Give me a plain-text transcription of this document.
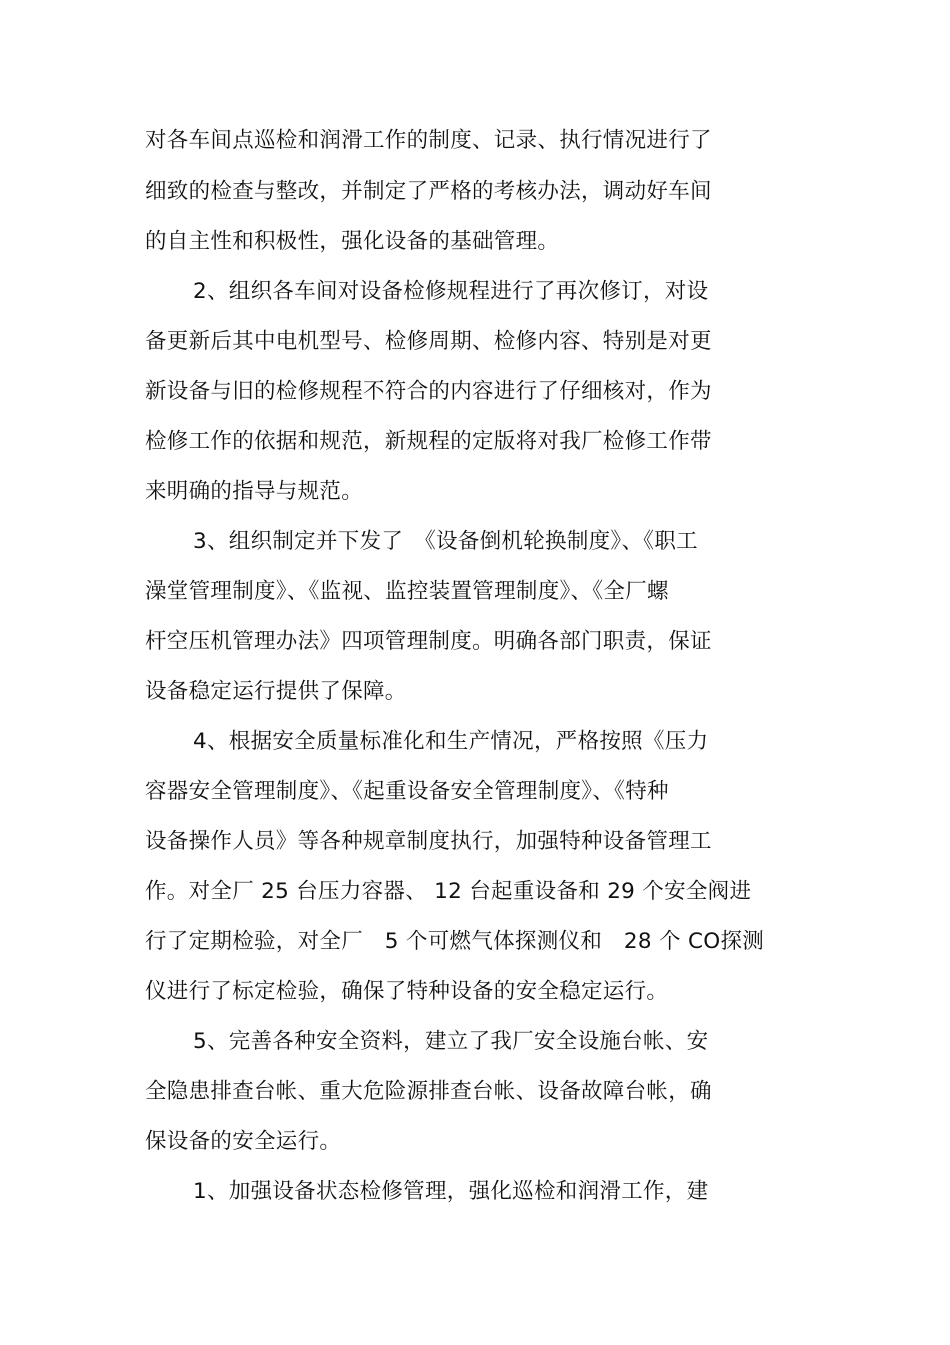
对各车间点巡检和润滑工作的制度、记录、执行情况进行了
细致的检查与整改，并制定了严格的考核办法，调动好车间
的自主性和积极性，强化设备的基础管理。
2、组织各车间对设备检修规程进行了再次修订，对设
备更新后其中电机型号、检修周期、检修内容、特别是对更
新设备与旧的检修规程不符合的内容进行了仔细核对，作为
检修工作的依据和规范，新规程的定版将对我厂检修工作带
来明确的指导与规范。
3、组织制定并下发了　《设备倒机轮换制度》、《职工
澡堂管理制度》、《监视、监控装置管理制度》、《全厂螺
杆空压机管理办法》四项管理制度。明确各部门职责，保证
设备稳定运行提供了保障。
4、根据安全质量标准化和生产情况，严格按照《压力
容器安全管理制度》、《起重设备安全管理制度》、《特种
设备操作人员》等各种规章制度执行，加强特种设备管理工
作。对全厂 25 台压力容器、 12 台起重设备和 29 个安全阀进
行了定期检验，对全厂　5 个可燃气体探测仪和　28 个 CO探测
仪进行了标定检验，确保了特种设备的安全稳定运行。
5、完善各种安全资料，建立了我厂安全设施台帐、安
全隐患排查台帐、重大危险源排查台帐、设备故障台帐，确
保设备的安全运行。
1、加强设备状态检修管理，强化巡检和润滑工作，建
